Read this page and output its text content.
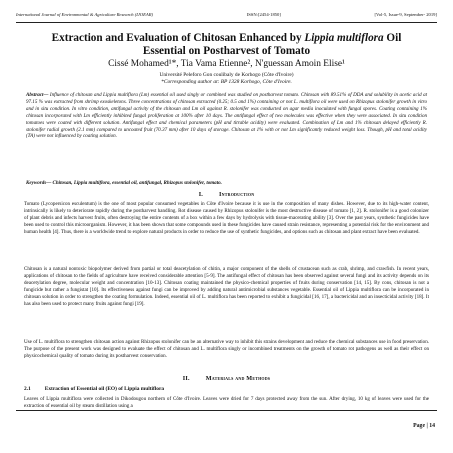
International Journal of Environmental & Agriculture Research (IJOEAR)	ISSN:[2454-1850]	[Vol-5, Issue-9, September- 2019]
Extraction and Evaluation of Chitosan Enhanced by Lippia multiflora Oil Essential on Postharvest of Tomato
Cissé Mohamed¹*, Tia Vama Etienne², N'guessan Amoin Elise¹
Université Peleforo Gon coulibaly de Korhogo (Côte d'Ivoire)
*Corresponding author at: BP 1328 Korhogo, Côte d'Ivoire.
Abstract— Influence of chitosan and Lippia multiflora (Lm) essential oil used singly or combined was studied on postharvest tomato. Chitosan with 89.51% of DDA and solubility in acetic acid at 97.15 % was extracted from shrimp exoskeletons. Three concentrations of chitosan extracted (0.25; 0.5 and 1%) containing or not L. multiflora oil were used on Rhizopus stolonifer growth in vitro and in situ condition. In vitro condition, antifungal activity of the chitosan and Lm oil against R. stolonifer was conducted on agar media inoculated with fungal spores. Coating containing 1% chitosan incorporated with Lm efficiently inhibited fungal proliferation at 100% after 10 days. The antifungal effect of two molecules was effective when they were associated. In situ condition tomatoes were coated with different solution. Antifungal effect and chemical parameters (pH and titrable acidity) were evaluated. Combination of Lm and 1% chitosan delayed efficiently R. stolonifer radial growth (2.1 mm) compared to uncoated fruit (70.37 mm) after 10 days of storage. Chitosan at 1% with or not Lm significantly reduced weight loss. Though, pH and total acidity (TA) were not influenced by coating solution.
Keywords— Chitosan, Lippia multiflora, essential oil, antifungal, Rhizopus stolonifer, tomato.
I.	Introduction
Tomato (Lycopersicon esculentum) is the one of most popular consumed vegetables in Côte d'Ivoire because it is use in the composition of many dishes. However, due to its high-water content, intrinsically is likely to deteriorate rapidly during the postharvest handling. Rot disease caused by Rhizopus stolonifer is the most destructive disease of tomato [1, 2]. R. stolonifer is a good colonizer of plant debris and infects harvest fruits, often destroying the entire contents of a box within a few days by hydrolysis with tissue-macerating ability [3]. Over the past years, synthetic fungicides have been used to control this microorganism. However, it has been shown that some compounds used in these fungicides have caused strain resistance, representing a potential risk for the environment and human health [4]. Thus, there is a worldwide trend to explore natural products in order to reduce the use of synthetic fungicides, and options such as chitosan and plant extract have been evaluated.
Chitosan is a natural nontoxic biopolymer derived from partial or total deacetylation of chitin, a major component of the shells of crustacean such as crab, shrimp, and crawfish. In recent years, applications of chitosan to the fields of agriculture have received considerable attention [5-9]. The antifungal effect of chitosan has been observed against several fungi and its activity depends on its deacetylation degree, molecular weight and concentration [10-13]. Chitosan coating maintained the physico-chemical properties of fruits during conservation [14, 15]. By cons, chitosan is not a fungicide but rather a fungistat [10]. Its effectiveness against fungi can be improved by adding natural antimicrobial substances vegetable. Essential oil of Lippia multiflora can be incorporated in chitosan solution in order to strengthen the coating formulation. Indeed, essential oil of L. multiflora has been reported to exhibit a fungicidal [16, 17], a bactericidal and an insecticidal activity [18]. It has also been used to protect many fruits against fungi [19].
Use of L. multiflora to strengthen chitosan action against Rhizopus stolonifer can be an alternative way to inhibit this strains development and reduce the chemical substances use in food preservation. The purpose of the present work was designed to evaluate the effect of chitosan and L. multiflora singly or incombined treatments on the growth of tomato rot pathogens as well as their effect on physicochemical quality of tomato during its postharvest conservation.
II.	Materials and Methods
2.1	Extraction of Essential oil (EO) of Lippia multiflora
Leaves of Lippia multiflora were collected in Dikodougou northern of Côte d'Ivoire. Leaves were dried for 7 days protected away from the sun. After drying, 10 kg of leaves were used for the extraction of essential oil by steam distillation using a
Page | 14
